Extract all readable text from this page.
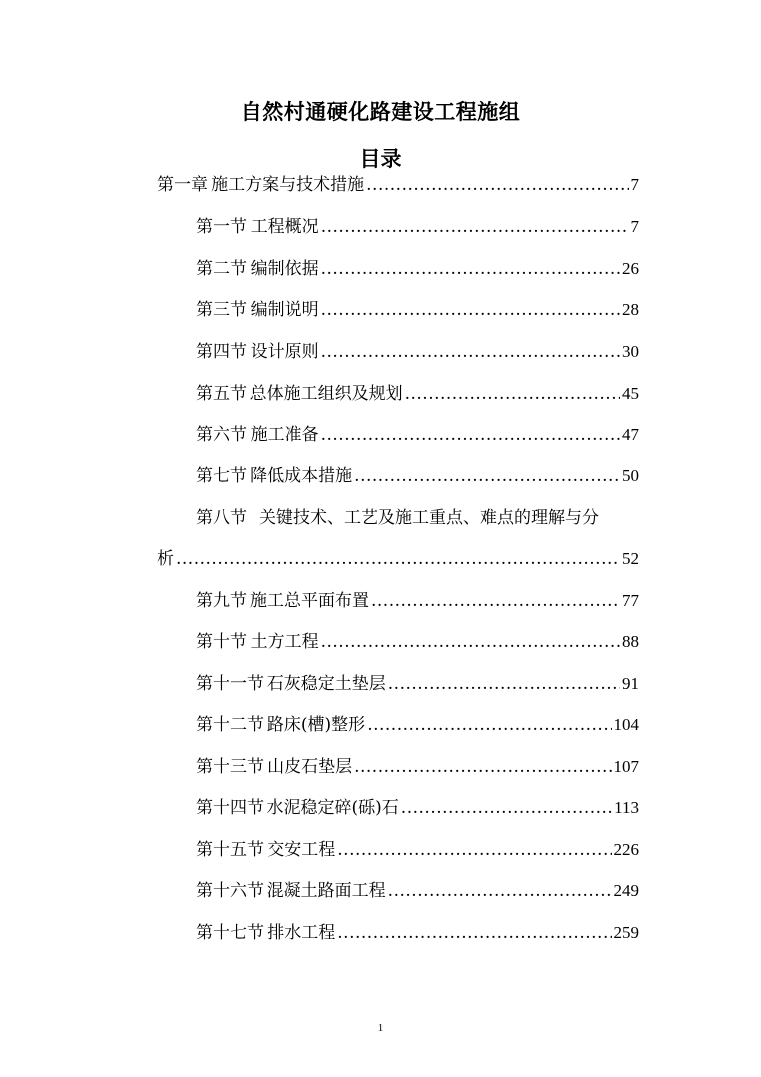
自然村通硬化路建设工程施组
目录
第一章 施工方案与技术措施 .....	7
第一节 工程概况 .....	7
第二节 编制依据 .....	26
第三节 编制说明 .....	28
第四节 设计原则 .....	30
第五节 总体施工组织及规划 .....	45
第六节 施工准备 .....	47
第七节 降低成本措施 .....	50
第八节 关键技术、工艺及施工重点、难点的理解与分
析 .....	52
第九节 施工总平面布置 .....	77
第十节 土方工程 .....	88
第十一节 石灰稳定土垫层 .....	91
第十二节 路床(槽)整形 .....	104
第十三节 山皮石垫层 .....	107
第十四节 水泥稳定碎(砾)石 .....	113
第十五节 交安工程 .....	226
第十六节 混凝土路面工程 .....	249
第十七节 排水工程 .....	259
1
